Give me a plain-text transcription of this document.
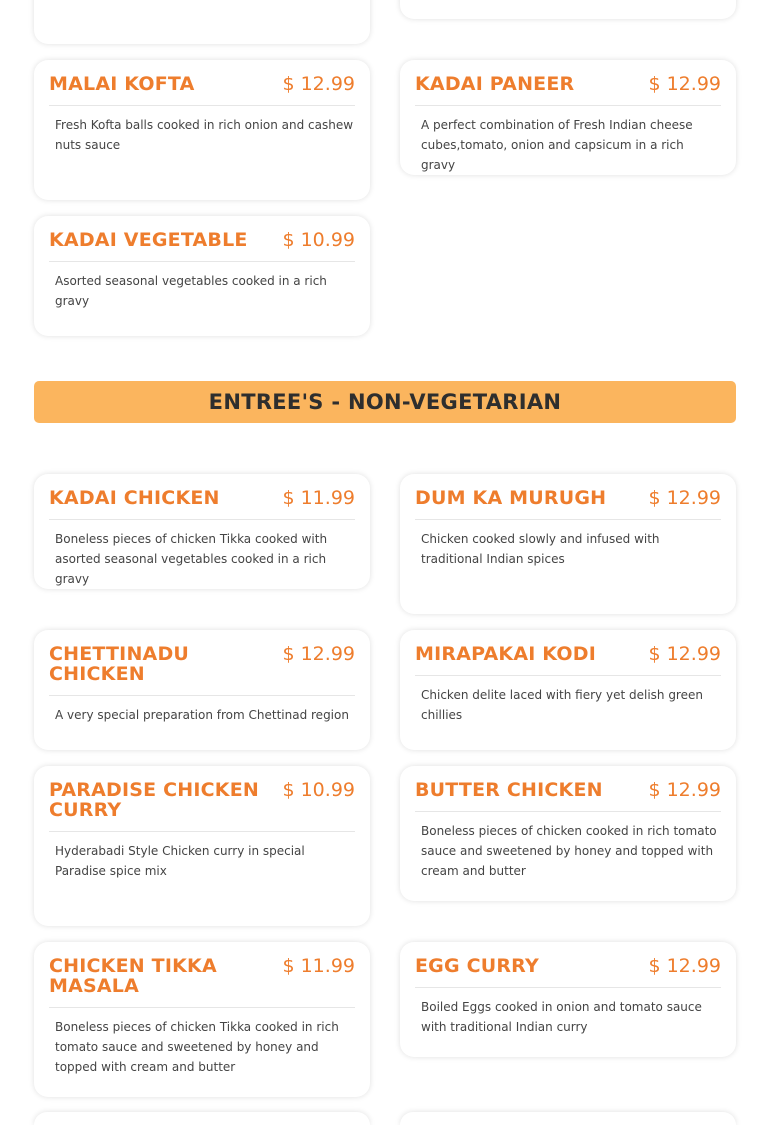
MALAI KOFTA	$ 12.99

Fresh Kofta balls cooked in rich onion and cashew nuts sauce

KADAI PANEER	$ 12.99

A perfect combination of Fresh Indian cheese cubes,tomato, onion and capsicum in a rich gravy

KADAI VEGETABLE $ 10.99

Asorted seasonal vegetables cooked in a rich gravy

ENTREE'S - NON-VEGETARIAN
KADAI CHICKEN	$ 11.99

Boneless pieces of chicken Tikka cooked with asorted seasonal vegetables cooked in a rich gravy

DUM KA MURUGH $ 12.99

Chicken cooked slowly and infused with traditional Indian spices

CHETTINADU CHICKEN
$ 12.99

A very special preparation from Chettinad region

MIRAPAKAI KODI	$ 12.99

Chicken delite laced with fiery yet delish green chillies

PARADISE CHICKEN CURRY
$ 10.99

Hyderabadi Style Chicken curry in special Paradise spice mix

BUTTER CHICKEN $ 12.99

Boneless pieces of chicken cooked in rich tomato sauce and sweetened by honey and topped with cream and butter

CHICKEN TIKKA MASALA
$ 11.99

Boneless pieces of chicken Tikka cooked in rich tomato sauce and sweetened by honey and topped with cream and butter

EGG CURRY	$ 12.99

Boiled Eggs cooked in onion and tomato sauce with traditional Indian curry
